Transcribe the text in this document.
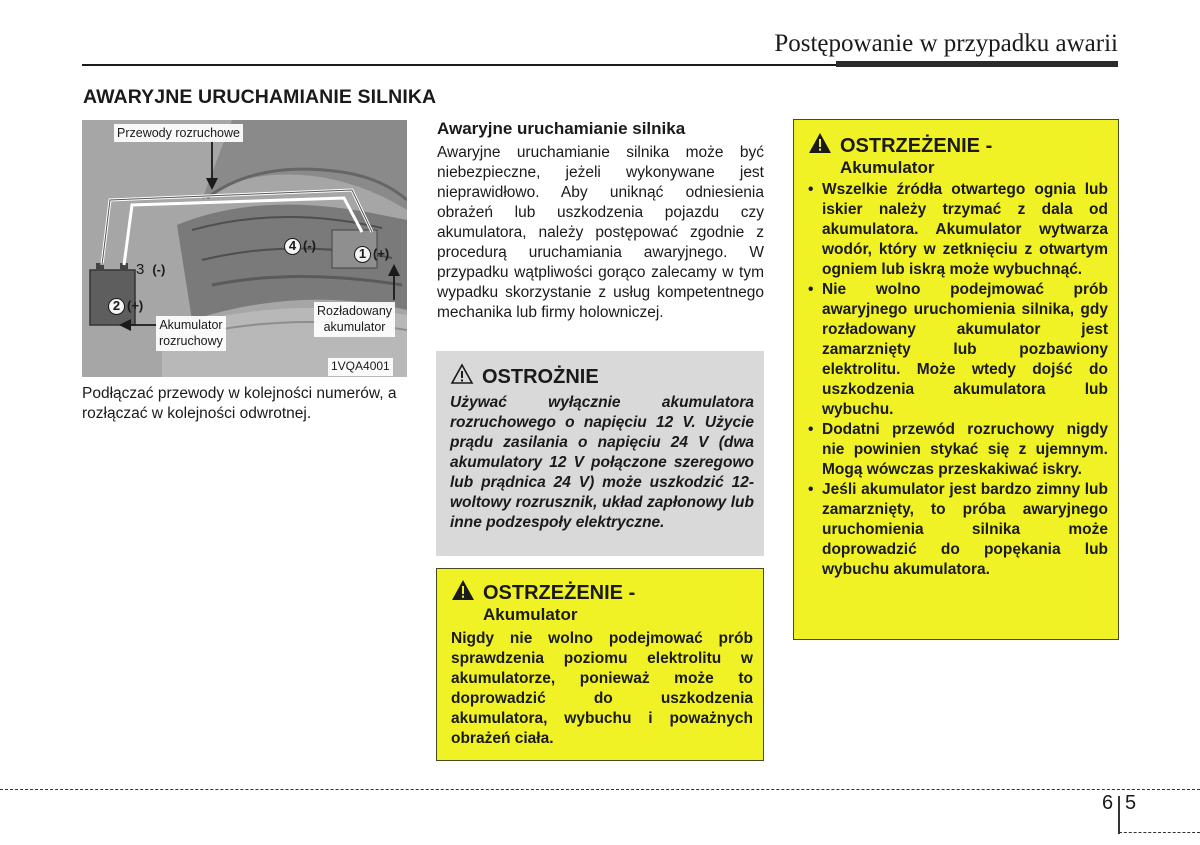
Postępowanie w przypadku awarii
AWARYJNE URUCHAMIANIE SILNIKA
Przewody rozruchowe
Akumulator
rozruchowy
Rozładowany
akumulator
1VQA4001
1 (+)
2 (+)
3 (-)
4 (-)
Podłączać przewody w kolejności numerów, a rozłączać w kolejności odwrotnej.
Awaryjne uruchamianie silnika
Awaryjne uruchamianie silnika może być niebezpieczne, jeżeli wykonywane jest nieprawidłowo. Aby uniknąć odniesienia obrażeń lub uszkodzenia pojazdu czy akumulatora, należy postępować zgodnie z procedurą uruchamiania awaryjnego. W przypadku wątpliwości gorąco zalecamy w tym wypadku skorzystanie z usług kompetentnego mechanika lub firmy holowniczej.
OSTROŻNIE
Używać wyłącznie akumulatora rozruchowego o napięciu 12 V. Użycie prądu zasilania o napięciu 24 V (dwa akumulatory 12 V połączone szeregowo lub prądnica 24 V) może uszkodzić 12-woltowy rozrusznik, układ zapłonowy lub inne podzespoły elektryczne.
OSTRZEŻENIE -
Akumulator
Nigdy nie wolno podejmować prób sprawdzenia poziomu elektrolitu w akumulatorze, ponieważ może to doprowadzić do uszkodzenia akumulatora, wybuchu i poważnych obrażeń ciała.
OSTRZEŻENIE -
Akumulator
• Wszelkie źródła otwartego ognia lub iskier należy trzymać z dala od akumulatora. Akumulator wytwarza wodór, który w zetknięciu z otwartym ogniem lub iskrą może wybuchnąć.
• Nie wolno podejmować prób awaryjnego uruchomienia silnika, gdy rozładowany akumulator jest zamarznięty lub pozbawiony elektrolitu. Może wtedy dojść do uszkodzenia akumulatora lub wybuchu.
• Dodatni przewód rozruchowy nigdy nie powinien stykać się z ujemnym. Mogą wówczas przeskakiwać iskry.
• Jeśli akumulator jest bardzo zimny lub zamarznięty, to próba awaryjnego uruchomienia silnika może doprowadzić do popękania lub wybuchu akumulatora.
6 5
